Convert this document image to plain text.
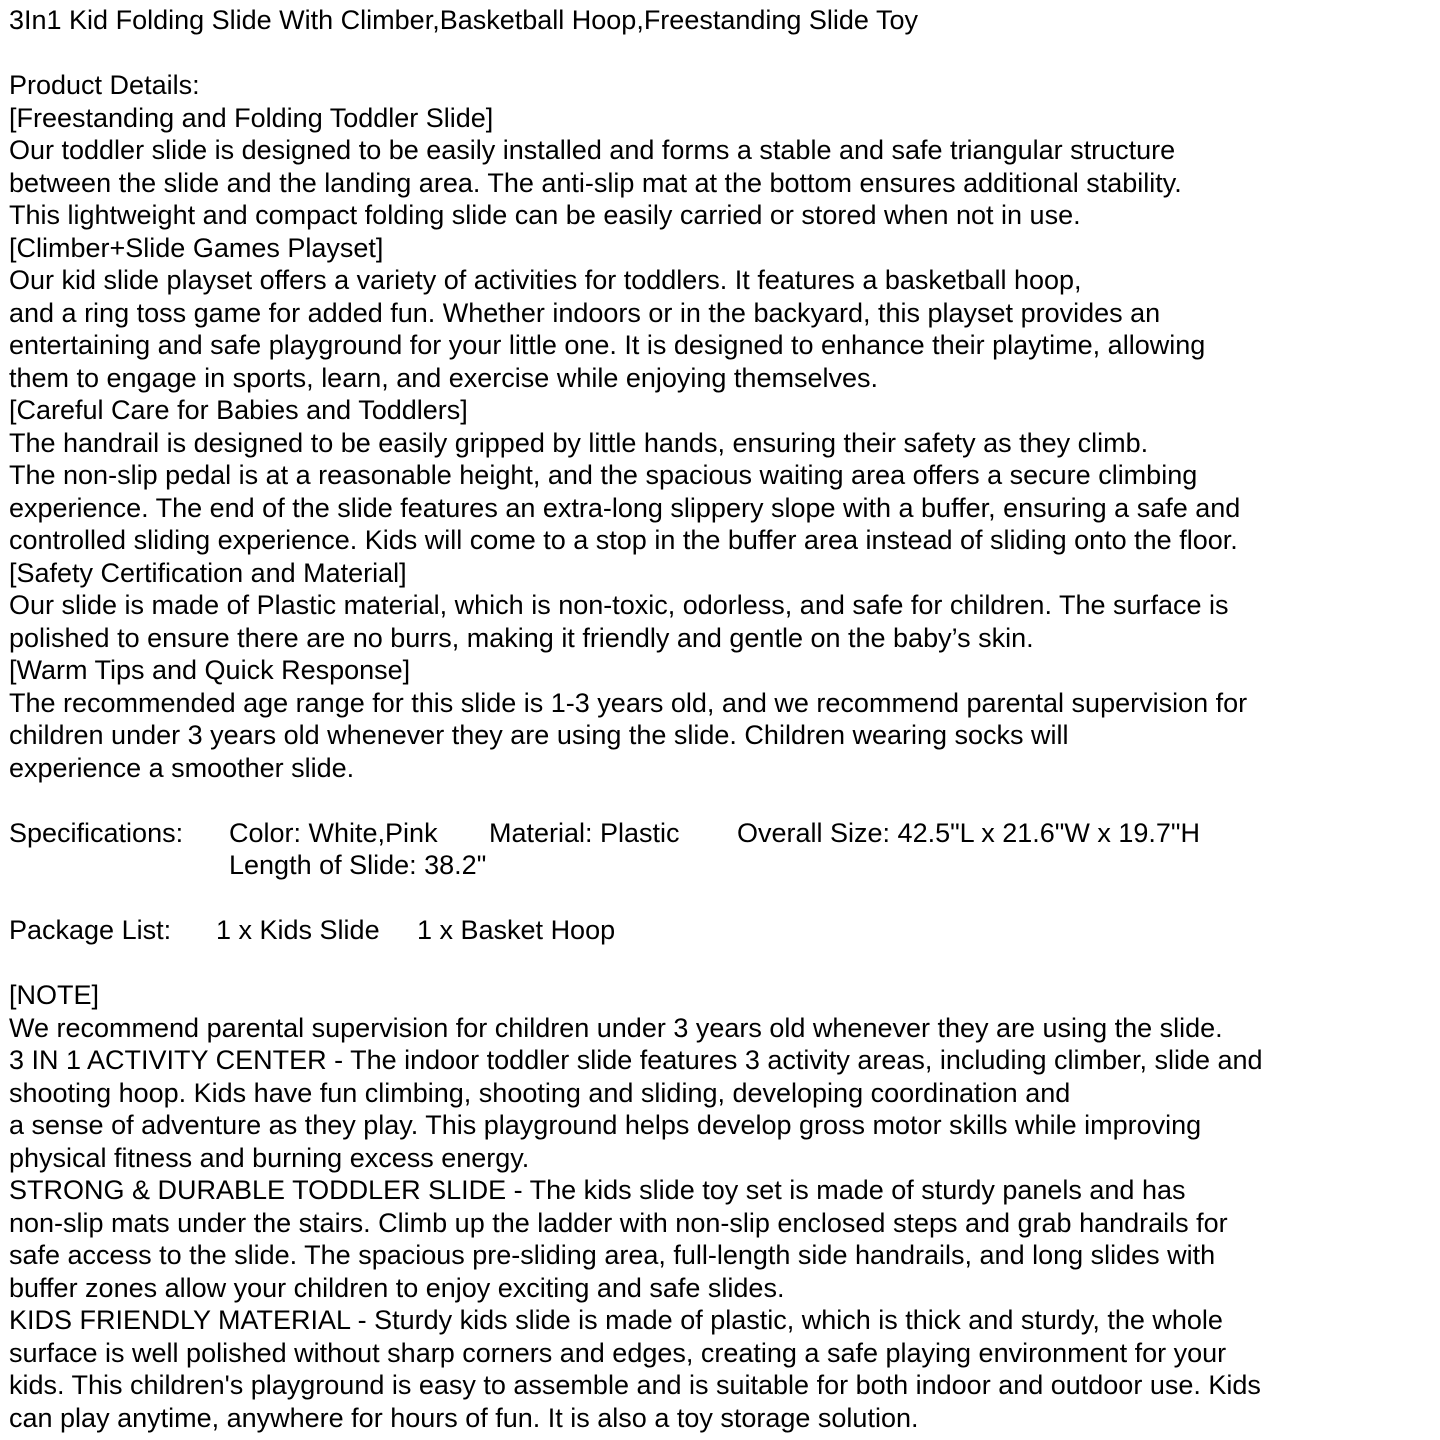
3In1 Kid Folding Slide With Climber,Basketball Hoop,Freestanding Slide Toy
Product Details:
[Freestanding and Folding Toddler Slide]
Our toddler slide is designed to be easily installed and forms a stable and safe triangular structure
between the slide and the landing area. The anti-slip mat at the bottom ensures additional stability.
This lightweight and compact folding slide can be easily carried or stored when not in use.
[Climber+Slide Games Playset]
Our kid slide playset offers a variety of activities for toddlers. It features a basketball hoop,
and a ring toss game for added fun. Whether indoors or in the backyard, this playset provides an
entertaining and safe playground for your little one. It is designed to enhance their playtime, allowing
them to engage in sports, learn, and exercise while enjoying themselves.
[Careful Care for Babies and Toddlers]
The handrail is designed to be easily gripped by little hands, ensuring their safety as they climb.
The non-slip pedal is at a reasonable height, and the spacious waiting area offers a secure climbing
experience. The end of the slide features an extra-long slippery slope with a buffer, ensuring a safe and
controlled sliding experience. Kids will come to a stop in the buffer area instead of sliding onto the floor.
[Safety Certification and Material]
Our slide is made of Plastic material, which is non-toxic, odorless, and safe for children. The surface is
polished to ensure there are no burrs, making it friendly and gentle on the baby’s skin.
[Warm Tips and Quick Response]
The recommended age range for this slide is 1-3 years old, and we recommend parental supervision for
children under 3 years old whenever they are using the slide. Children wearing socks will
experience a smoother slide.

Specifications:

Color: White,Pink

Material: Plastic

Overall Size: 42.5"L x 21.6"W x 19.7"H

Length of Slide: 38.2"

Package List:

1 x Kids Slide

1 x Basket Hoop

[NOTE]
We recommend parental supervision for children under 3 years old whenever they are using the slide.
3 IN 1 ACTIVITY CENTER - The indoor toddler slide features 3 activity areas, including climber, slide and
shooting hoop. Kids have fun climbing, shooting and sliding, developing coordination and
a sense of adventure as they play. This playground helps develop gross motor skills while improving
physical fitness and burning excess energy.
STRONG & DURABLE TODDLER SLIDE - The kids slide toy set is made of sturdy panels and has
non-slip mats under the stairs. Climb up the ladder with non-slip enclosed steps and grab handrails for
safe access to the slide. The spacious pre-sliding area, full-length side handrails, and long slides with
buffer zones allow your children to enjoy exciting and safe slides.
KIDS FRIENDLY MATERIAL - Sturdy kids slide is made of plastic, which is thick and sturdy, the whole
surface is well polished without sharp corners and edges, creating a safe playing environment for your
kids. This children's playground is easy to assemble and is suitable for both indoor and outdoor use. Kids
can play anytime, anywhere for hours of fun. It is also a toy storage solution.
